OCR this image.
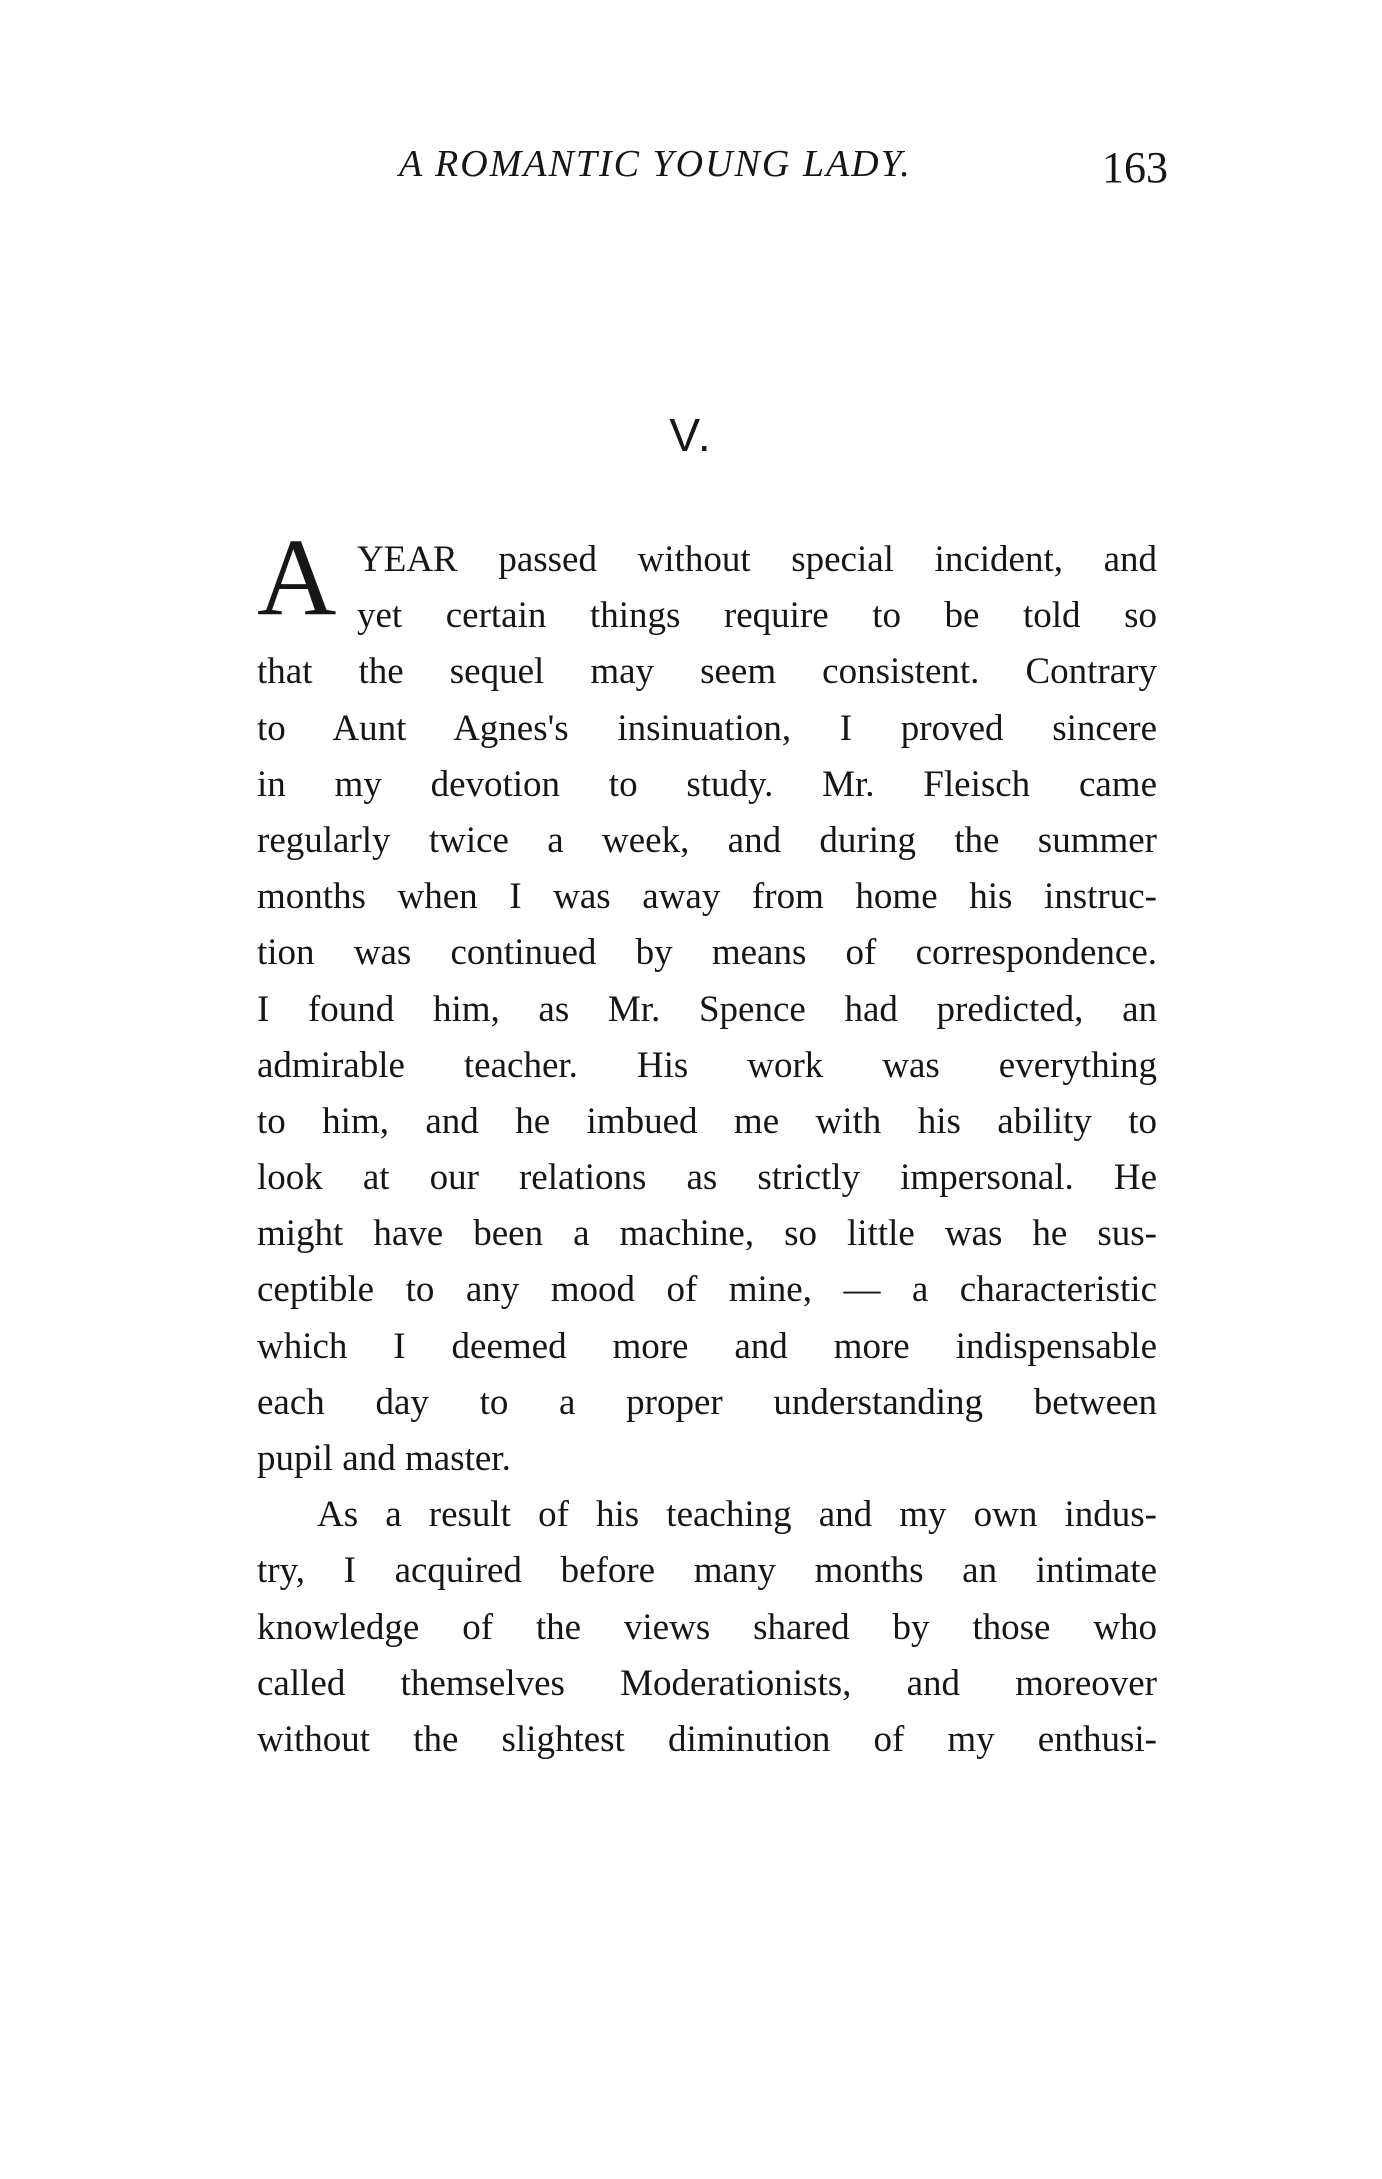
A ROMANTIC YOUNG LADY.	163
V.
A YEAR passed without special incident, and
yet certain things require to be told so
that the sequel may seem consistent. Contrary
to Aunt Agnes's insinuation, I proved sincere
in my devotion to study. Mr. Fleisch came
regularly twice a week, and during the summer
months when I was away from home his instruc-
tion was continued by means of correspondence.
I found him, as Mr. Spence had predicted, an
admirable teacher. His work was everything
to him, and he imbued me with his ability to
look at our relations as strictly impersonal. He
might have been a machine, so little was he sus-
ceptible to any mood of mine, — a characteristic
which I deemed more and more indispensable
each day to a proper understanding between
pupil and master.
As a result of his teaching and my own indus-
try, I acquired before many months an intimate
knowledge of the views shared by those who
called themselves Moderationists, and moreover
without the slightest diminution of my enthusi-
